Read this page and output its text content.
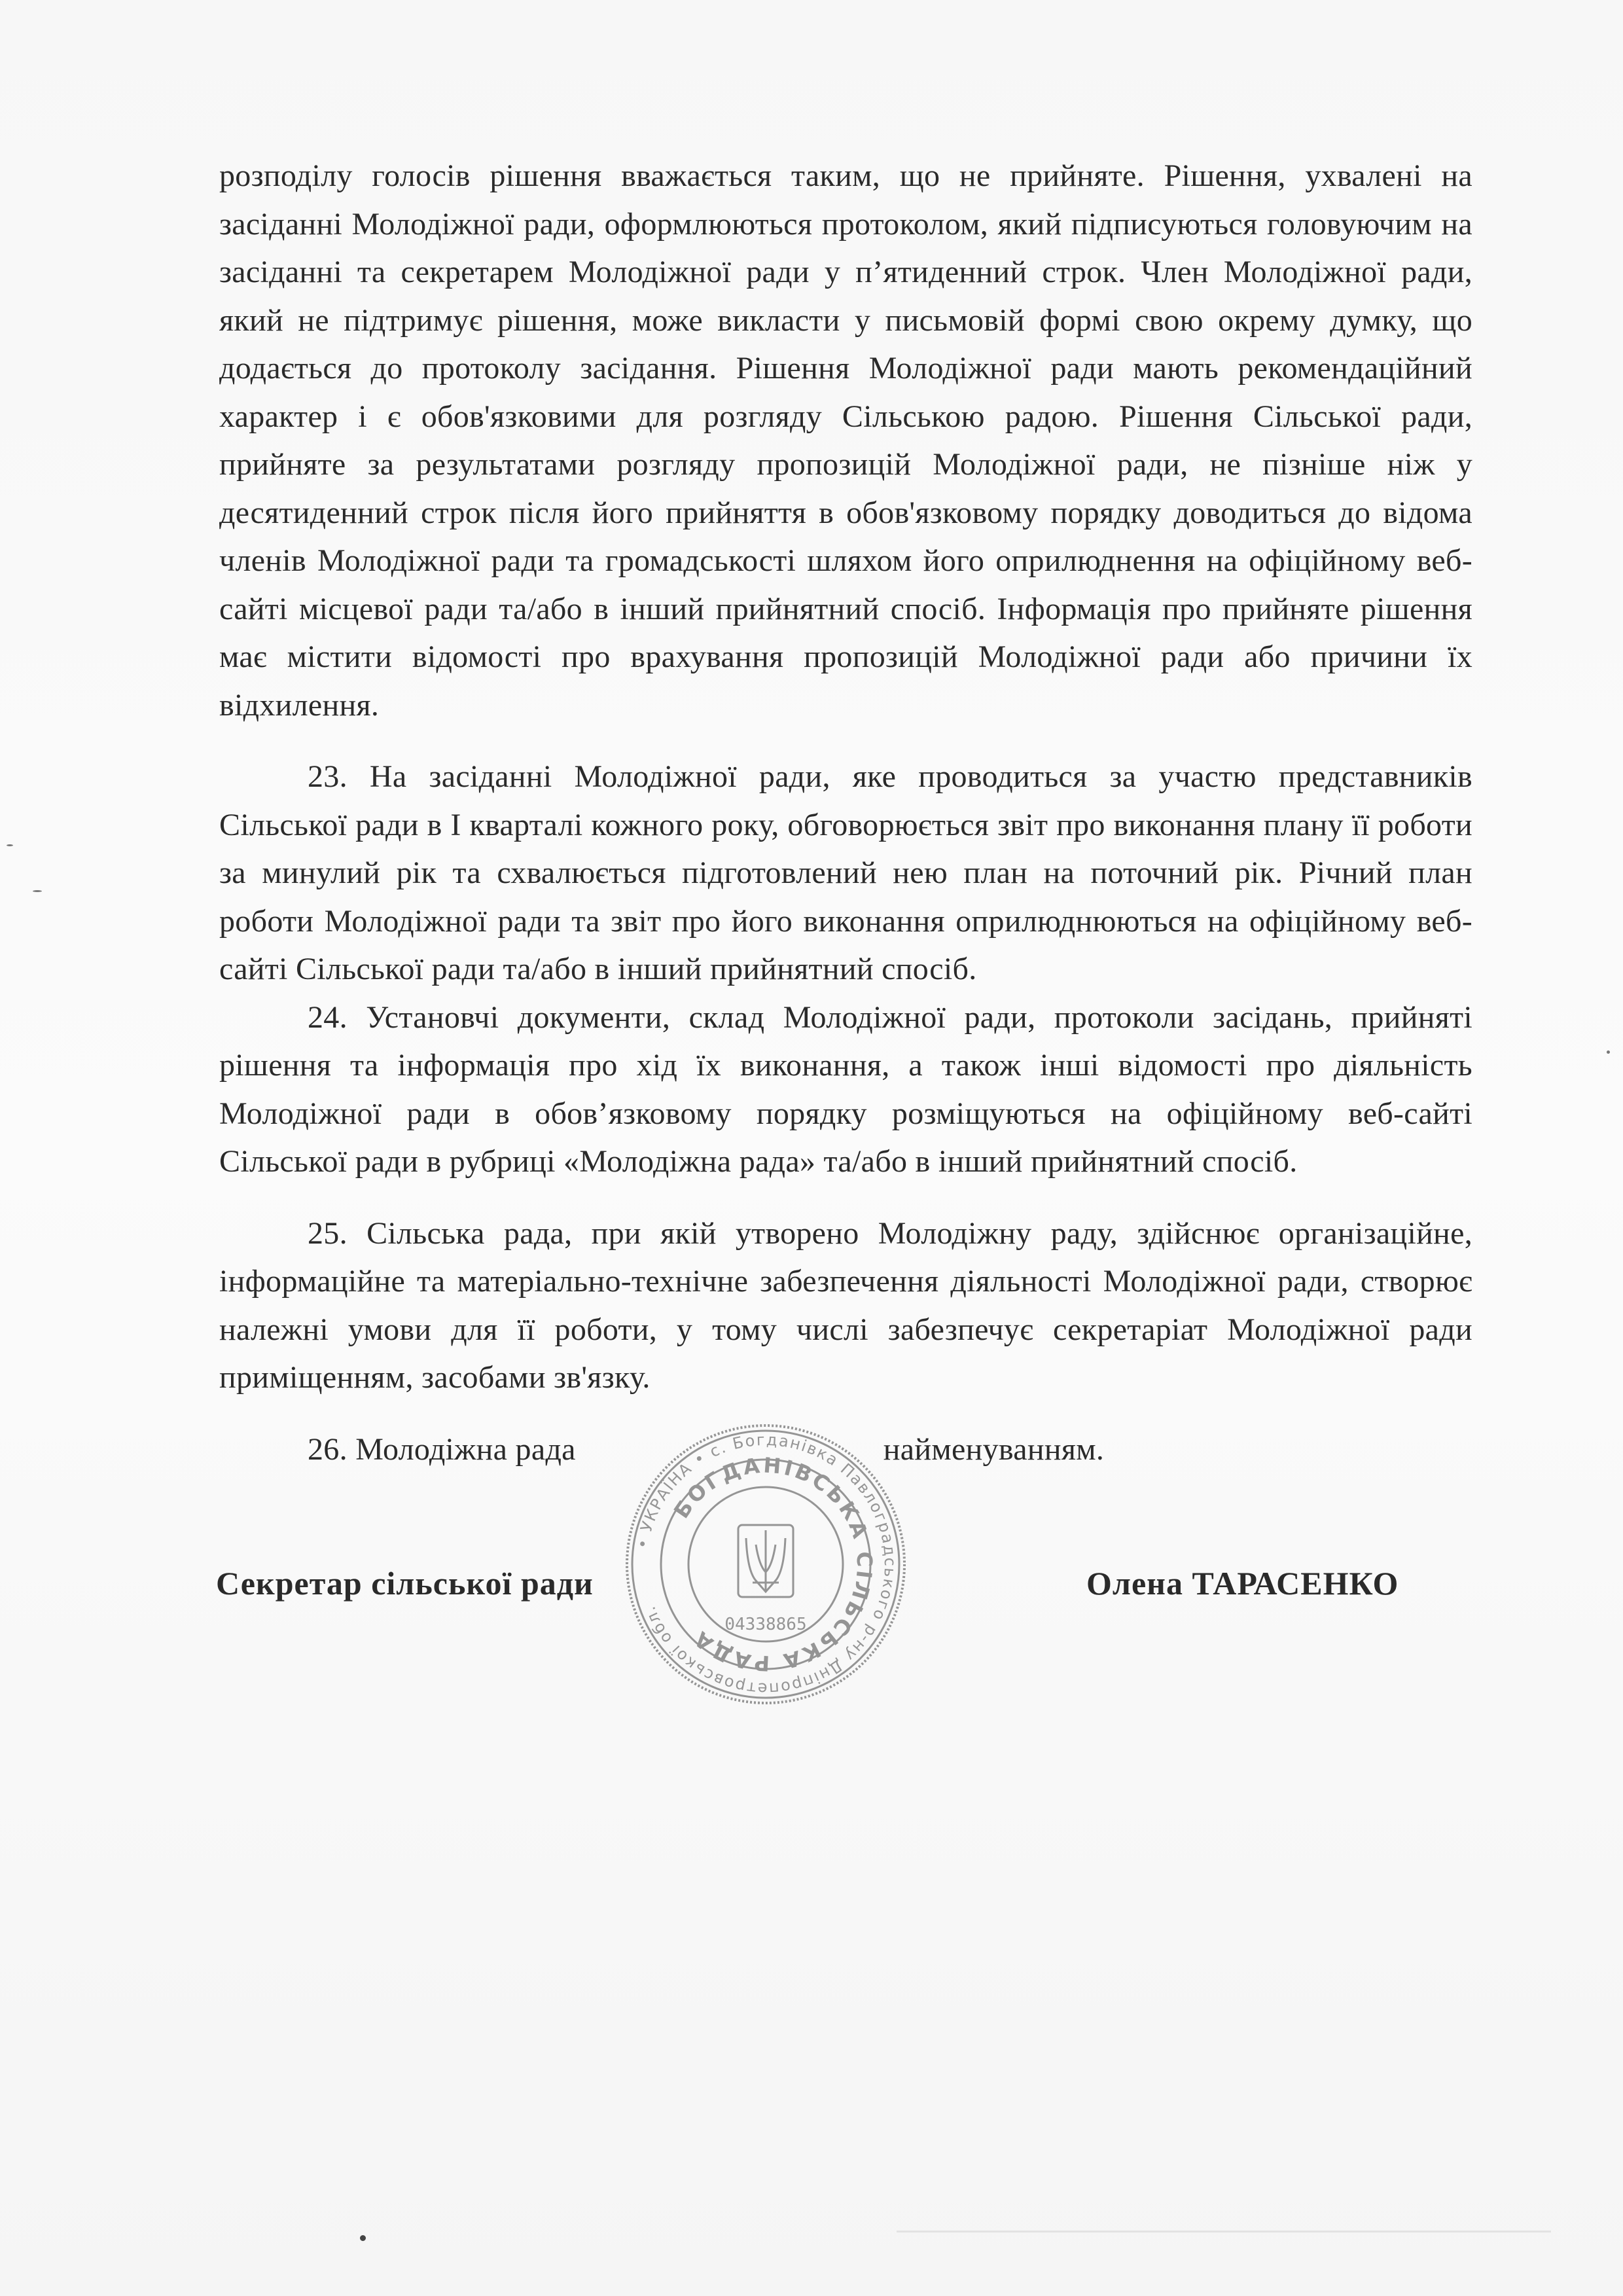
розподілу голосів рішення вважається таким, що не прийняте. Рішення, ухвалені на засіданні Молодіжної ради, оформлюються протоколом, який підписуються головуючим на засіданні та секретарем Молодіжної ради у п’ятиденний строк. Член Молодіжної ради, який не підтримує рішення, може викласти у письмовій формі свою окрему думку, що додається до протоколу засідання. Рішення Молодіжної ради мають рекомендаційний характер і є обов'язковими для розгляду Сільською радою. Рішення Сільської ради, прийняте за результатами розгляду пропозицій Молодіжної ради, не пізніше ніж у десятиденний строк після його прийняття в обов'язковому порядку доводиться до відома членів Молодіжної ради та громадськості шляхом його оприлюднення на офіційному веб-сайті місцевої ради та/або в інший прийнятний спосіб. Інформація про прийняте рішення має містити відомості про врахування пропозицій Молодіжної ради або причини їх відхилення.

23. На засіданні Молодіжної ради, яке проводиться за участю представників Сільської ради в І кварталі кожного року, обговорюється звіт про виконання плану її роботи за минулий рік та схвалюється підготовлений нею план на поточний рік. Річний план роботи Молодіжної ради та звіт про його виконання оприлюднюються на офіційному веб-сайті Сільської ради та/або в інший прийнятний спосіб.

24. Установчі документи, склад Молодіжної ради, протоколи засідань, прийняті рішення та інформація про хід їх виконання, а також інші відомості про діяльність Молодіжної ради в обов’язковому порядку розміщуються на офіційному веб-сайті Сільської ради в рубриці «Молодіжна рада» та/або в інший прийнятний спосіб.

25. Сільська рада, при якій утворено Молодіжну раду, здійснює організаційне, інформаційне та матеріально-технічне забезпечення діяльності Молодіжної ради, створює належні умови для її роботи, у тому числі забезпечує секретаріат Молодіжної ради приміщенням, засобами зв'язку.

26. Молодіжна рада	найменуванням.

Секретар сільської ради	Олена ТАРАСЕНКО
• УКРАЇНА • с. Богданівка Павлоградського р-ну Дніпропетровської обл.
БОГДАНІВСЬКА СІЛЬСЬКА РАДА
04338865
